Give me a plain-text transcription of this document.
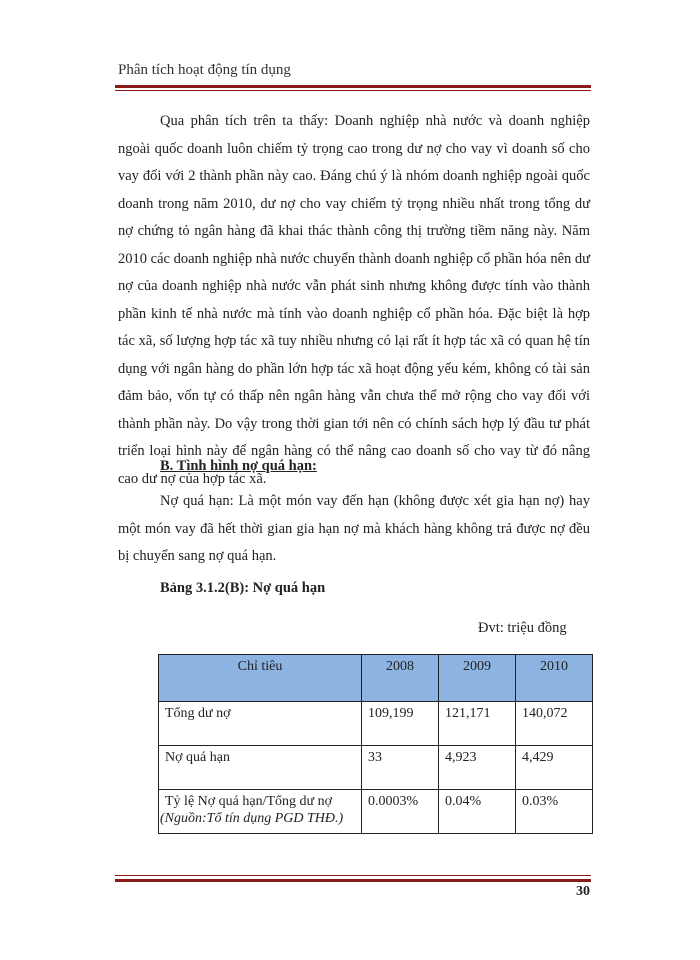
Phân tích hoạt động tín dụng

Qua phân tích trên ta thấy: Doanh nghiệp nhà nước và doanh nghiệp ngoài quốc doanh luôn chiếm tỷ trọng cao trong dư nợ cho vay vì doanh số cho vay đối với 2 thành phần này cao. Đáng chú ý là nhóm doanh nghiệp ngoài quốc doanh trong năm 2010, dư nợ cho vay chiếm tỷ trọng nhiều nhất trong tổng dư nợ chứng tỏ ngân hàng đã khai thác thành công thị trường tiềm năng này. Năm 2010 các doanh nghiệp nhà nước chuyển thành doanh nghiệp cổ phần hóa nên dư nợ của doanh nghiệp nhà nước vẫn phát sinh nhưng không được tính vào thành phần kinh tế nhà nước mà tính vào doanh nghiệp cổ phần hóa. Đặc biệt là hợp tác xã, số lượng hợp tác xã tuy nhiều nhưng có lại rất ít hợp tác xã có quan hệ tín dụng với ngân hàng do phần lớn hợp tác xã hoạt động yếu kém, không có tài sản đảm bảo, vốn tự có thấp nên ngân hàng vẫn chưa thể mở rộng cho vay đối với thành phần này. Do vậy trong thời gian tới nên có chính sách hợp lý đầu tư phát triển loại hình này để ngân hàng có thể nâng cao doanh số cho vay từ đó nâng cao dư nợ của hợp tác xã.

B. Tình hình nợ quá hạn:

Nợ quá hạn: Là một món vay đến hạn (không được xét gia hạn nợ) hay một món vay đã hết thời gian gia hạn nợ mà khách hàng không trả được nợ đều bị chuyển sang nợ quá hạn.

Bảng 3.1.2(B): Nợ quá hạn
Đvt: triệu đồng
Chỉ tiêu	2008	2009	2010
Tổng dư nợ	109,199	121,171	140,072
Nợ quá hạn	33	4,923	4,429
Tỷ lệ Nợ quá hạn/Tổng dư nợ	0.0003%	0.04%	0.03%
(Nguồn:Tổ tín dụng PGD THĐ.)
30
